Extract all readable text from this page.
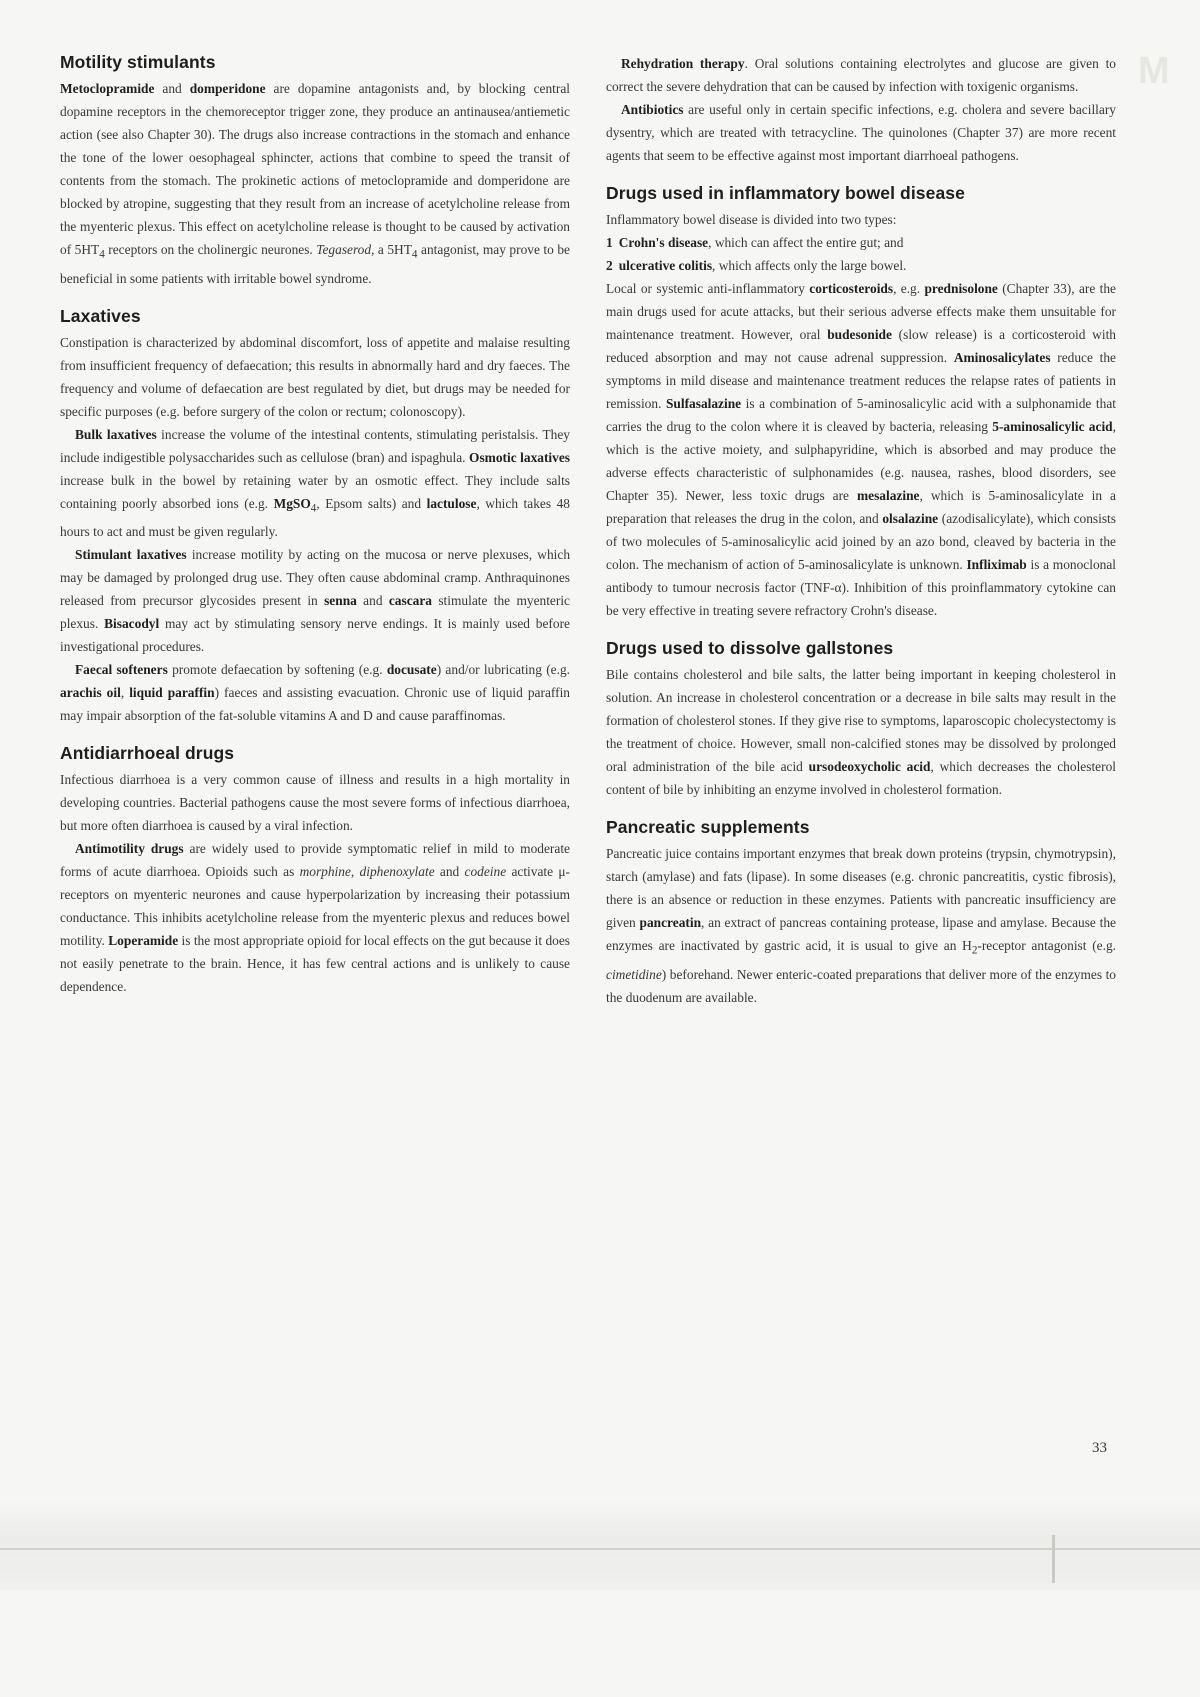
M
Motility stimulants

Metoclopramide and domperidone are dopamine antagonists and, by blocking central dopamine receptors in the chemoreceptor trigger zone, they produce an antinausea/antiemetic action (see also Chapter 30). The drugs also increase contractions in the stomach and enhance the tone of the lower oesophageal sphincter, actions that combine to speed the transit of contents from the stomach. The prokinetic actions of metoclopramide and domperidone are blocked by atropine, suggesting that they result from an increase of acetylcholine release from the myenteric plexus. This effect on acetylcholine release is thought to be caused by activation of $5HT_4$ receptors on the cholinergic neurones. Tegaserod, a $5HT_4$ antagonist, may prove to be beneficial in some patients with irritable bowel syndrome.

Laxatives

Constipation is characterized by abdominal discomfort, loss of appetite and malaise resulting from insufficient frequency of defaecation; this results in abnormally hard and dry faeces. The frequency and volume of defaecation are best regulated by diet, but drugs may be needed for specific purposes (e.g. before surgery of the colon or rectum; colonoscopy).

Bulk laxatives increase the volume of the intestinal contents, stimulating peristalsis. They include indigestible polysaccharides such as cellulose (bran) and ispaghula. Osmotic laxatives increase bulk in the bowel by retaining water by an osmotic effect. They include salts containing poorly absorbed ions (e.g. MgSO$_4$, Epsom salts) and lactulose, which takes 48 hours to act and must be given regularly.

Stimulant laxatives increase motility by acting on the mucosa or nerve plexuses, which may be damaged by prolonged drug use. They often cause abdominal cramp. Anthraquinones released from precursor glycosides present in senna and cascara stimulate the myenteric plexus. Bisacodyl may act by stimulating sensory nerve endings. It is mainly used before investigational procedures.

Faecal softeners promote defaecation by softening (e.g. docusate) and/or lubricating (e.g. arachis oil, liquid paraffin) faeces and assisting evacuation. Chronic use of liquid paraffin may impair absorption of the fat-soluble vitamins A and D and cause paraffinomas.

Antidiarrhoeal drugs

Infectious diarrhoea is a very common cause of illness and results in a high mortality in developing countries. Bacterial pathogens cause the most severe forms of infectious diarrhoea, but more often diarrhoea is caused by a viral infection.

Antimotility drugs are widely used to provide symptomatic relief in mild to moderate forms of acute diarrhoea. Opioids such as morphine, diphenoxylate and codeine activate μ-receptors on myenteric neurones and cause hyperpolarization by increasing their potassium conductance. This inhibits acetylcholine release from the myenteric plexus and reduces bowel motility. Loperamide is the most appropriate opioid for local effects on the gut because it does not easily penetrate to the brain. Hence, it has few central actions and is unlikely to cause dependence.

Rehydration therapy. Oral solutions containing electrolytes and glucose are given to correct the severe dehydration that can be caused by infection with toxigenic organisms.

Antibiotics are useful only in certain specific infections, e.g. cholera and severe bacillary dysentry, which are treated with tetracycline. The quinolones (Chapter 37) are more recent agents that seem to be effective against most important diarrhoeal pathogens.

Drugs used in inflammatory bowel disease

Inflammatory bowel disease is divided into two types:

1 Crohn's disease, which can affect the entire gut; and

2 ulcerative colitis, which affects only the large bowel.

Local or systemic anti-inflammatory corticosteroids, e.g. prednisolone (Chapter 33), are the main drugs used for acute attacks, but their serious adverse effects make them unsuitable for maintenance treatment. However, oral budesonide (slow release) is a corticosteroid with reduced absorption and may not cause adrenal suppression. Aminosalicylates reduce the symptoms in mild disease and maintenance treatment reduces the relapse rates of patients in remission. Sulfasalazine is a combination of 5-aminosalicylic acid with a sulphonamide that carries the drug to the colon where it is cleaved by bacteria, releasing 5-aminosalicylic acid, which is the active moiety, and sulphapyridine, which is absorbed and may produce the adverse effects characteristic of sulphonamides (e.g. nausea, rashes, blood disorders, see Chapter 35). Newer, less toxic drugs are mesalazine, which is 5-aminosalicylate in a preparation that releases the drug in the colon, and olsalazine (azodisalicylate), which consists of two molecules of 5-aminosalicylic acid joined by an azo bond, cleaved by bacteria in the colon. The mechanism of action of 5-aminosalicylate is unknown. Infliximab is a monoclonal antibody to tumour necrosis factor (TNF-α). Inhibition of this proinflammatory cytokine can be very effective in treating severe refractory Crohn's disease.

Drugs used to dissolve gallstones

Bile contains cholesterol and bile salts, the latter being important in keeping cholesterol in solution. An increase in cholesterol concentration or a decrease in bile salts may result in the formation of cholesterol stones. If they give rise to symptoms, laparoscopic cholecystectomy is the treatment of choice. However, small non-calcified stones may be dissolved by prolonged oral administration of the bile acid ursodeoxycholic acid, which decreases the cholesterol content of bile by inhibiting an enzyme involved in cholesterol formation.

Pancreatic supplements

Pancreatic juice contains important enzymes that break down proteins (trypsin, chymotrypsin), starch (amylase) and fats (lipase). In some diseases (e.g. chronic pancreatitis, cystic fibrosis), there is an absence or reduction in these enzymes. Patients with pancreatic insufficiency are given pancreatin, an extract of pancreas containing protease, lipase and amylase. Because the enzymes are inactivated by gastric acid, it is usual to give an $H_2$-receptor antagonist (e.g. cimetidine) beforehand. Newer enteric-coated preparations that deliver more of the enzymes to the duodenum are available.

33
